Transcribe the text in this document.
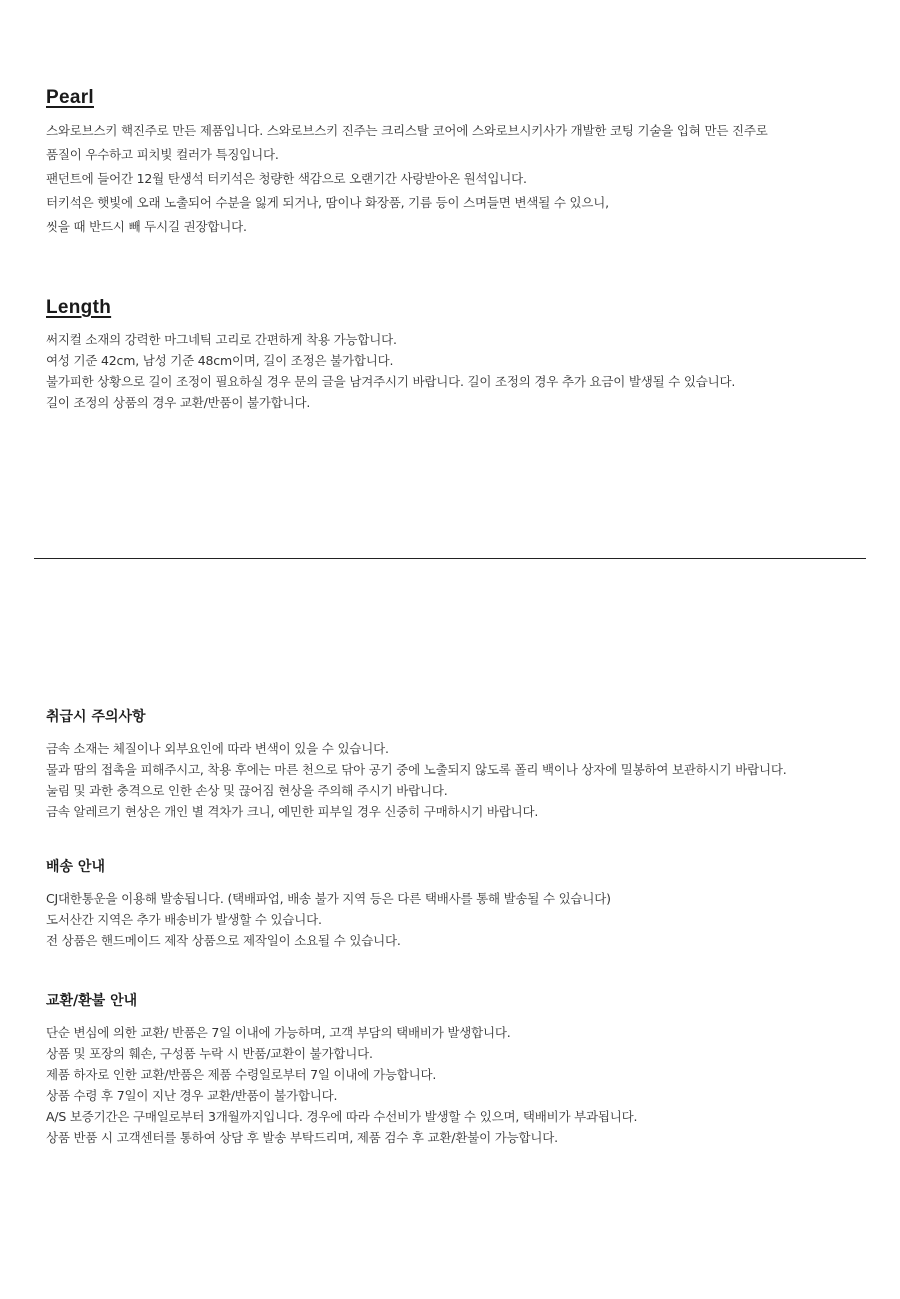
Pearl
스와로브스키 핵진주로 만든 제품입니다. 스와로브스키 진주는 크리스탈 코어에 스와로브시키사가 개발한 코팅 기술을 입혀 만든 진주로
품질이 우수하고 피치빛 컬러가 특징입니다.
팬던트에 들어간 12월 탄생석 터키석은 청량한 색감으로 오랜기간 사랑받아온 원석입니다.
터키석은 햇빛에 오래 노출되어 수분을 잃게 되거나, 땀이나 화장품, 기름 등이 스며들면 변색될 수 있으니,
씻을 때 반드시 빼 두시길 권장합니다.
Length
써지컬 소재의 강력한 마그네틱 고리로 간편하게 착용 가능합니다.
여성 기준 42cm, 남성 기준 48cm이며, 길이 조정은 불가합니다.
불가피한 상황으로 길이 조정이 필요하실 경우 문의 글을 남겨주시기 바랍니다. 길이 조정의 경우 추가 요금이 발생될 수 있습니다.
길이 조정의 상품의 경우 교환/반품이 불가합니다.
취급시 주의사항
금속 소재는 체질이나 외부요인에 따라 변색이 있을 수 있습니다.
물과 땀의 접촉을 피해주시고, 착용 후에는 마른 천으로 닦아 공기 중에 노출되지 않도록 폴리 백이나 상자에 밀봉하여 보관하시기 바랍니다.
눌림 및 과한 충격으로 인한 손상 및 끊어짐 현상을 주의해 주시기 바랍니다.
금속 알레르기 현상은 개인 별 격차가 크니, 예민한 피부일 경우 신중히 구매하시기 바랍니다.
배송 안내
CJ대한통운을 이용해 발송됩니다. (택배파업, 배송 불가 지역 등은 다른 택배사를 통해 발송될 수 있습니다)
도서산간 지역은 추가 배송비가 발생할 수 있습니다.
전 상품은 핸드메이드 제작 상품으로 제작일이 소요될 수 있습니다.
교환/환불 안내
단순 변심에 의한 교환/ 반품은 7일 이내에 가능하며, 고객 부담의 택배비가 발생합니다.
상품 및 포장의 훼손, 구성품 누락 시 반품/교환이 불가합니다.
제품 하자로 인한 교환/반품은 제품 수령일로부터 7일 이내에 가능합니다.
상품 수령 후 7일이 지난 경우 교환/반품이 불가합니다.
A/S 보증기간은 구매일로부터 3개월까지입니다. 경우에 따라 수선비가 발생할 수 있으며, 택배비가 부과됩니다.
상품 반품 시 고객센터를 통하여 상담 후 발송 부탁드리며, 제품 검수 후 교환/환불이 가능합니다.
